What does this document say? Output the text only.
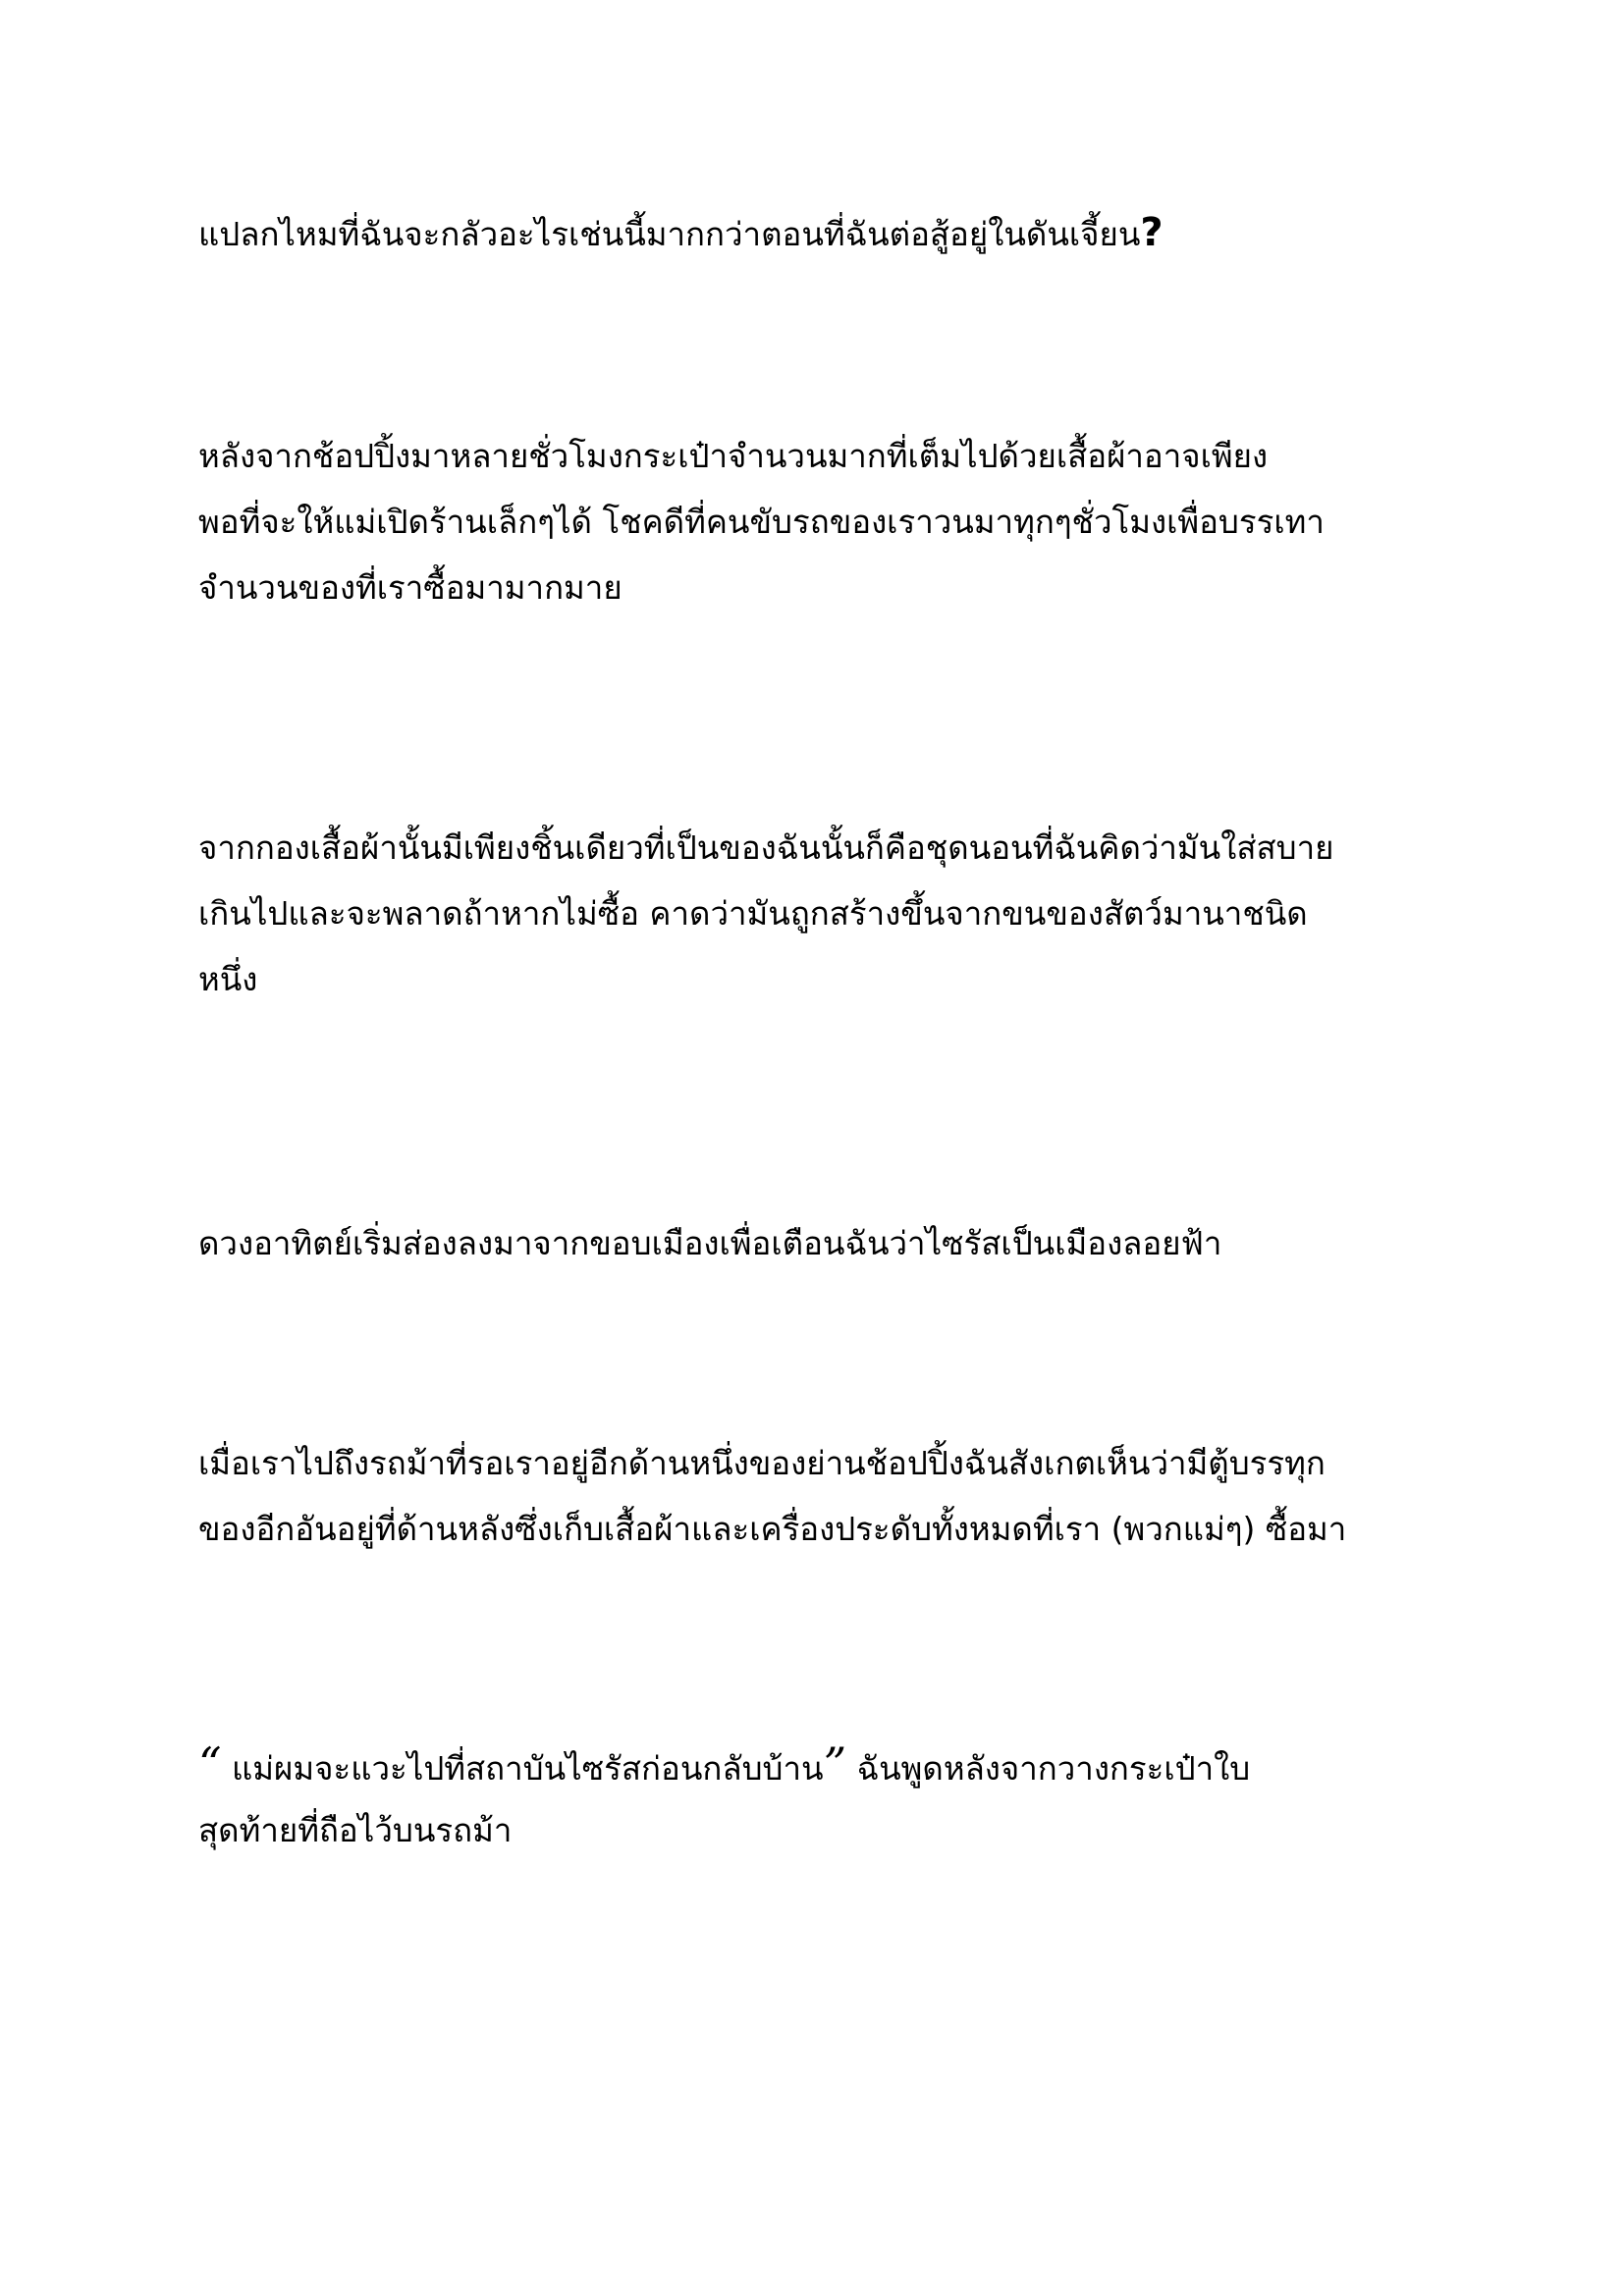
แปลกไหมที่ฉันจะกลัวอะไรเช่นนี้มากกว่าตอนที่ฉันต่อสู้อยู่ในดันเจี้ยน?

หลังจากช้อปปิ้งมาหลายชั่วโมงกระเป๋าจำนวนมากที่เต็มไปด้วยเสื้อผ้าอาจเพียง
พอที่จะให้แม่เปิดร้านเล็กๆได้ โชคดีที่คนขับรถของเราวนมาทุกๆชั่วโมงเพื่อบรรเทา
จำนวนของที่เราซื้อมามากมาย

จากกองเสื้อผ้านั้นมีเพียงชิ้นเดียวที่เป็นของฉันนั้นก็คือชุดนอนที่ฉันคิดว่ามันใส่สบาย
เกินไปและจะพลาดถ้าหากไม่ซื้อ คาดว่ามันถูกสร้างขึ้นจากขนของสัตว์มานาชนิด
หนึ่ง

ดวงอาทิตย์เริ่มส่องลงมาจากขอบเมืองเพื่อเตือนฉันว่าไซรัสเป็นเมืองลอยฟ้า

เมื่อเราไปถึงรถม้าที่รอเราอยู่อีกด้านหนึ่งของย่านช้อปปิ้งฉันสังเกตเห็นว่ามีตู้บรรทุก
ของอีกอันอยู่ที่ด้านหลังซึ่งเก็บเสื้อผ้าและเครื่องประดับทั้งหมดที่เรา (พวกแม่ๆ) ซื้อมา

“ แม่ผมจะแวะไปที่สถาบันไซรัสก่อนกลับบ้าน” ฉันพูดหลังจากวางกระเป๋าใบ
สุดท้ายที่ถือไว้บนรถม้า
